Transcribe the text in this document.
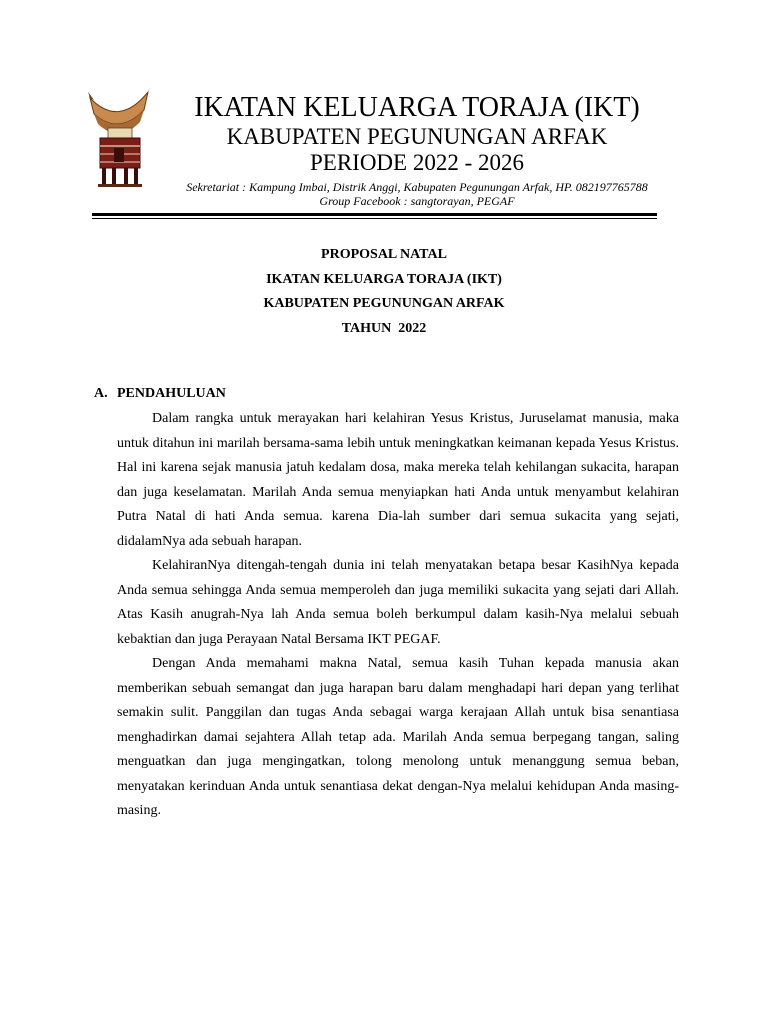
IKATAN KELUARGA TORAJA (IKT)
KABUPATEN PEGUNUNGAN ARFAK
PERIODE 2022 - 2026
Sekretariat : Kampung Imbai, Distrik Anggi, Kabupaten Pegunungan Arfak, HP. 082197765788
Group Facebook : sangtorayan, PEGAF
PROPOSAL NATAL
IKATAN KELUARGA TORAJA (IKT)
KABUPATEN PEGUNUNGAN ARFAK
TAHUN  2022
A. PENDAHULUAN

Dalam rangka untuk merayakan hari kelahiran Yesus Kristus, Juruselamat manusia, maka untuk ditahun ini marilah bersama-sama lebih untuk meningkatkan keimanan kepada Yesus Kristus. Hal ini karena sejak manusia jatuh kedalam dosa, maka mereka telah kehilangan sukacita, harapan dan juga keselamatan. Marilah Anda semua menyiapkan hati Anda untuk menyambut kelahiran Putra Natal di hati Anda semua. karena Dia-lah sumber dari semua sukacita yang sejati, didalamNya ada sebuah harapan.

KelahiranNya ditengah-tengah dunia ini telah menyatakan betapa besar KasihNya kepada Anda semua sehingga Anda semua memperoleh dan juga memiliki sukacita yang sejati dari Allah. Atas Kasih anugrah-Nya lah Anda semua boleh berkumpul dalam kasih-Nya melalui sebuah kebaktian dan juga Perayaan Natal Bersama IKT PEGAF.

Dengan Anda memahami makna Natal, semua kasih Tuhan kepada manusia akan memberikan sebuah semangat dan juga harapan baru dalam menghadapi hari depan yang terlihat semakin sulit. Panggilan dan tugas Anda sebagai warga kerajaan Allah untuk bisa senantiasa menghadirkan damai sejahtera Allah tetap ada. Marilah Anda semua berpegang tangan, saling menguatkan dan juga mengingatkan, tolong menolong untuk menanggung semua beban, menyatakan kerinduan Anda untuk senantiasa dekat dengan-Nya melalui kehidupan Anda masing-masing.
